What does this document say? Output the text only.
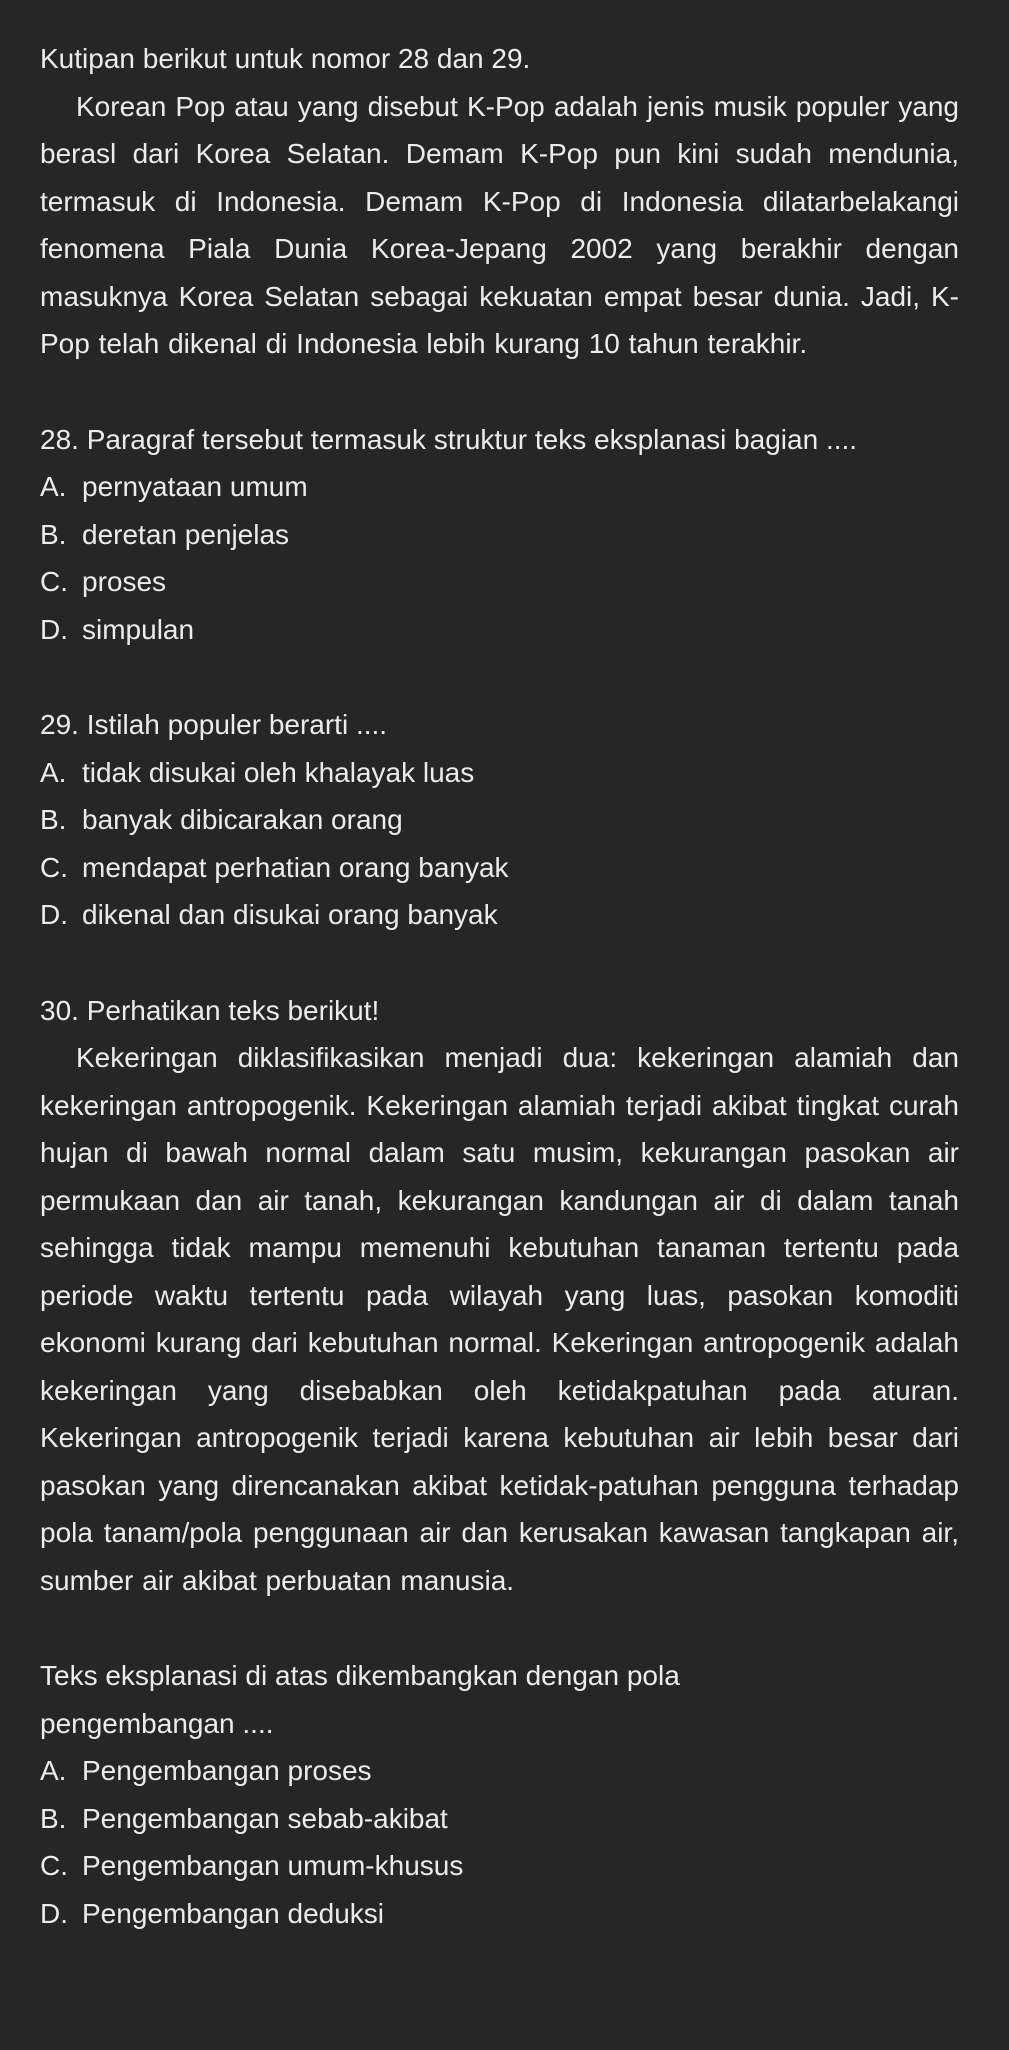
Kutipan berikut untuk nomor 28 dan 29.

Korean Pop atau yang disebut K-Pop adalah jenis musik populer yang berasl dari Korea Selatan. Demam K-Pop pun kini sudah mendunia, termasuk di Indonesia. Demam K-Pop di Indonesia dilatarbelakangi fenomena Piala Dunia Korea-Jepang 2002 yang berakhir dengan masuknya Korea Selatan sebagai kekuatan empat besar dunia. Jadi, K-Pop telah dikenal di Indonesia lebih kurang 10 tahun terakhir.

28. Paragraf tersebut termasuk struktur teks eksplanasi bagian ....

A. pernyataan umum
B. deretan penjelas
C. proses
D. simpulan

29. Istilah populer berarti ....

A. tidak disukai oleh khalayak luas
B. banyak dibicarakan orang
C. mendapat perhatian orang banyak
D. dikenal dan disukai orang banyak

30. Perhatikan teks berikut!

Kekeringan diklasifikasikan menjadi dua: kekeringan alamiah dan kekeringan antropogenik. Kekeringan alamiah terjadi akibat tingkat curah hujan di bawah normal dalam satu musim, kekurangan pasokan air permukaan dan air tanah, kekurangan kandungan air di dalam tanah sehingga tidak mampu memenuhi kebutuhan tanaman tertentu pada periode waktu tertentu pada wilayah yang luas, pasokan komoditi ekonomi kurang dari kebutuhan normal. Kekeringan antropogenik adalah kekeringan yang disebabkan oleh ketidakpatuhan pada aturan. Kekeringan antropogenik terjadi karena kebutuhan air lebih besar dari pasokan yang direncanakan akibat ketidak-patuhan pengguna terhadap pola tanam/pola penggunaan air dan kerusakan kawasan tangkapan air, sumber air akibat perbuatan manusia.

Teks eksplanasi di atas dikembangkan dengan pola pengembangan ....

A. Pengembangan proses
B. Pengembangan sebab-akibat
C. Pengembangan umum-khusus
D. Pengembangan deduksi
